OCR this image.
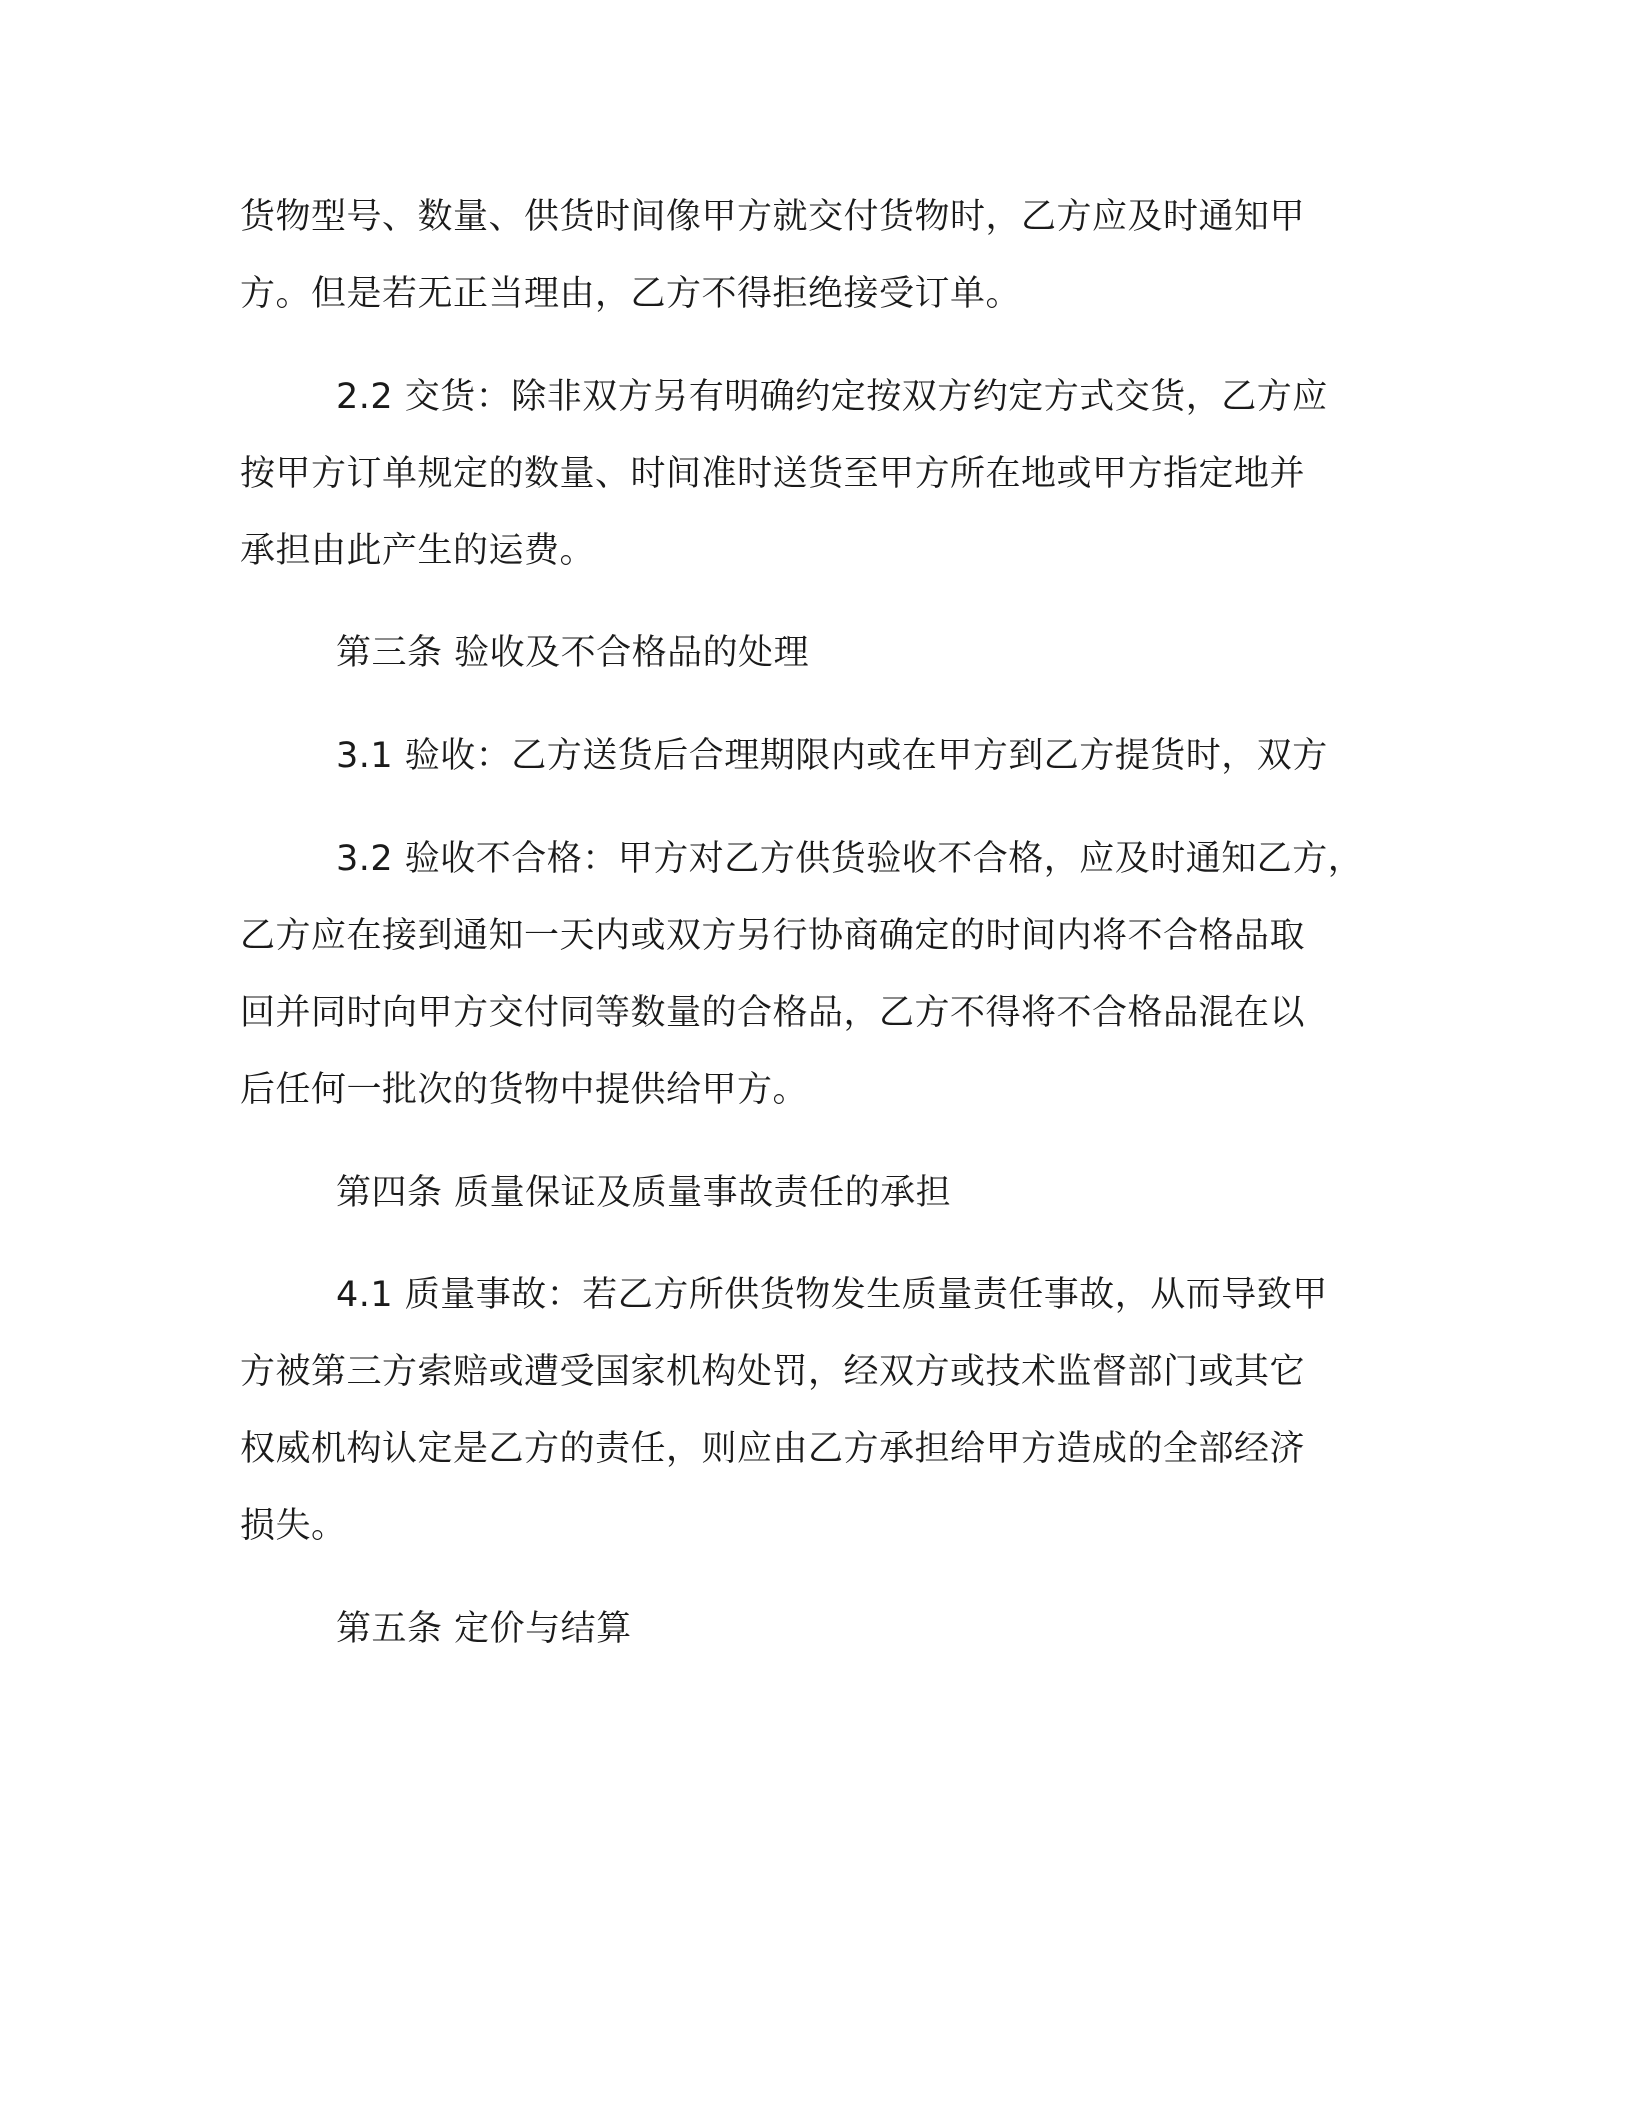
货物型号、数量、供货时间像甲方就交付货物时，乙方应及时通知甲
方。但是若无正当理由，乙方不得拒绝接受订单。
2.2 交货：除非双方另有明确约定按双方约定方式交货，乙方应
按甲方订单规定的数量、时间准时送货至甲方所在地或甲方指定地并
承担由此产生的运费。
第三条 验收及不合格品的处理
3.1 验收：乙方送货后合理期限内或在甲方到乙方提货时，双方
3.2 验收不合格：甲方对乙方供货验收不合格，应及时通知乙方，
乙方应在接到通知一天内或双方另行协商确定的时间内将不合格品取
回并同时向甲方交付同等数量的合格品，乙方不得将不合格品混在以
后任何一批次的货物中提供给甲方。
第四条 质量保证及质量事故责任的承担
4.1 质量事故：若乙方所供货物发生质量责任事故，从而导致甲
方被第三方索赔或遭受国家机构处罚，经双方或技术监督部门或其它
权威机构认定是乙方的责任，则应由乙方承担给甲方造成的全部经济
损失。
第五条 定价与结算
